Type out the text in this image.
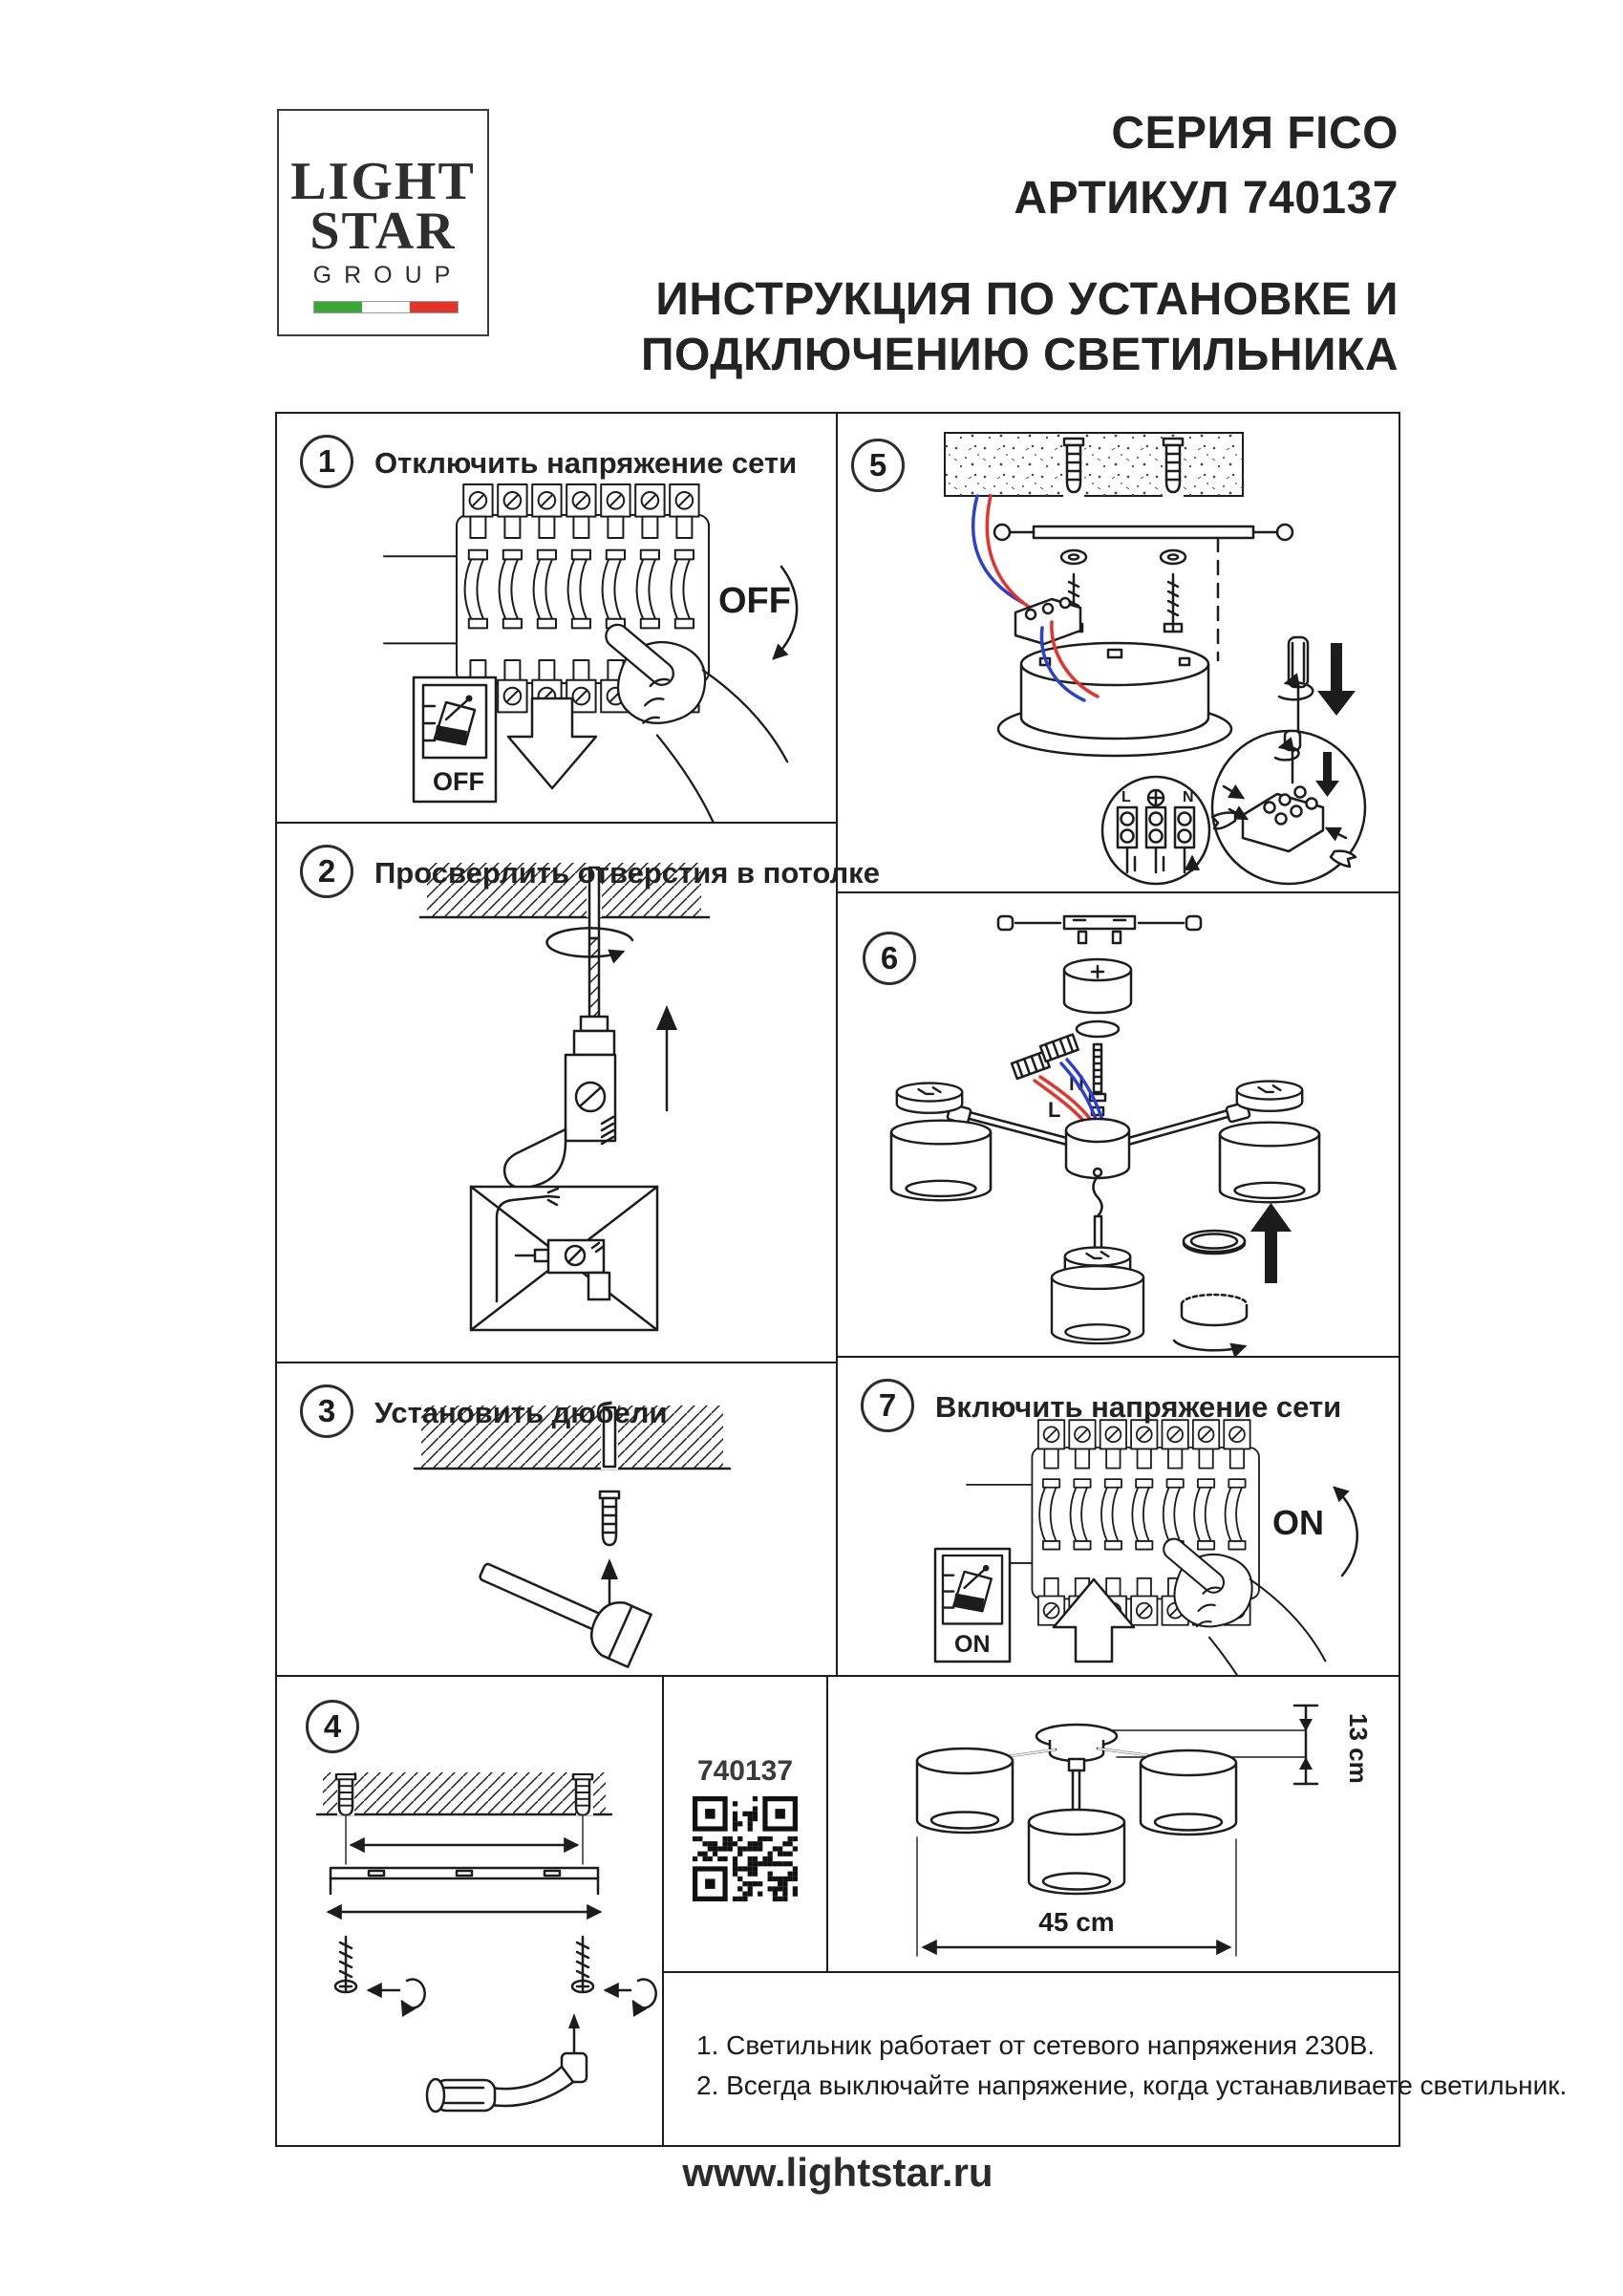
LIGHT
STAR
GROUP
СЕРИЯ FICO
АРТИКУЛ 740137
ИНСТРУКЦИЯ ПО УСТАНОВКЕ И
ПОДКЛЮЧЕНИЮ СВЕТИЛЬНИКА
1	Отключить напряжение сети
OFF
OFF
2	Просверлить отверстия в потолке
3	Установить дюбели
4
5
L	N
6
N
L
7	Включить напряжение сети
ON
ON
740137	13 cm
45 cm
1. Светильник работает от сетевого напряжения 230В.
2. Всегда выключайте напряжение, когда устанавливаете светильник.
www.lightstar.ru
